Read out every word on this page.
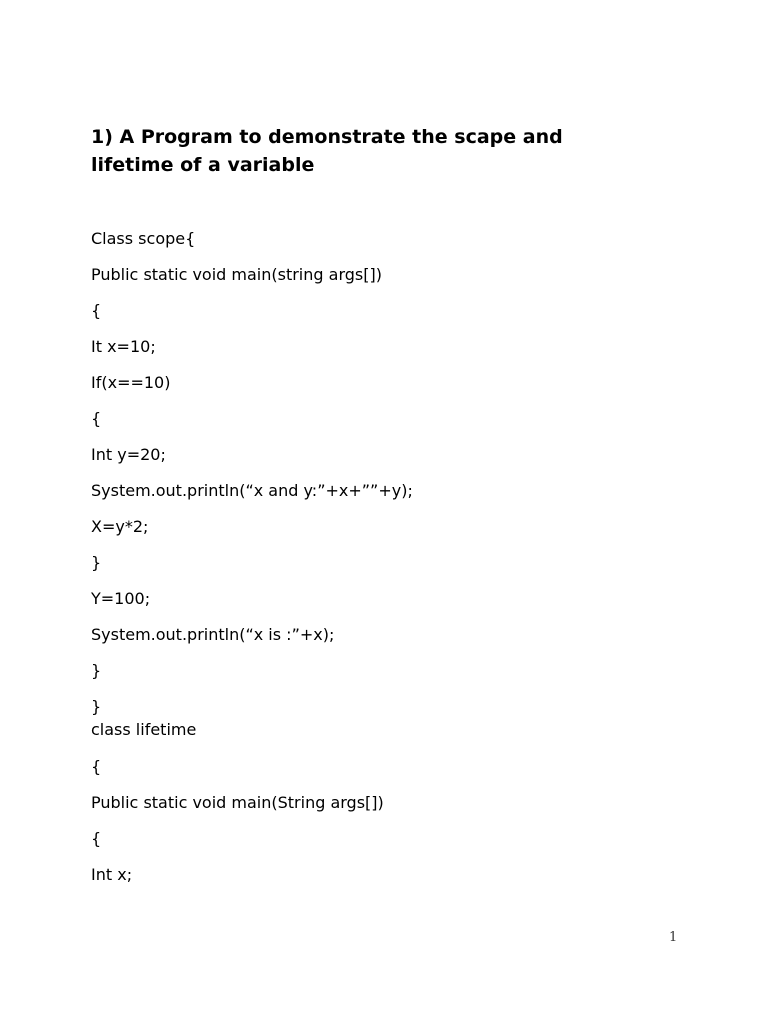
1) A Program to demonstrate the scape and lifetime of a variable
Class scope{
Public static void main(string args[])
{
It x=10;
If(x==10)
{
Int y=20;
System.out.println(“x and y:”+x+””+y);
X=y*2;
}
Y=100;
System.out.println(“x is :”+x);
}
}
class lifetime
{
Public static void main(String args[])
{
Int x;
1
